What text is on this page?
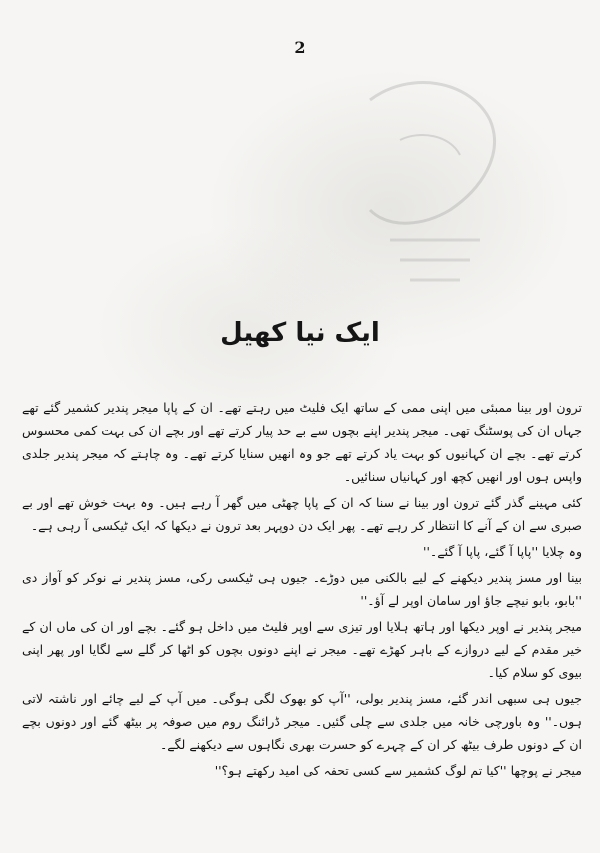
2
ایک نیا کھیل

ترون اور بینا ممبئی میں اپنی ممی کے ساتھ ایک فلیٹ میں رہتے تھے۔ ان کے پاپا میجر پندیر کشمیر گئے تھے جہاں ان کی پوسٹنگ تھی۔ میجر پندیر اپنے بچوں سے بے حد پیار کرتے تھے اور بچے ان کی بہت کمی محسوس کرتے تھے۔ بچے ان کہانیوں کو بہت یاد کرتے تھے جو وہ انھیں سنایا کرتے تھے۔ وہ چاہتے کہ میجر پندیر جلدی واپس ہوں اور انھیں کچھ اور کہانیاں سنائیں۔

کئی مہینے گذر گئے ترون اور بینا نے سنا کہ ان کے پاپا چھٹی میں گھر آ رہے ہیں۔ وہ بہت خوش تھے اور بے صبری سے ان کے آنے کا انتظار کر رہے تھے۔ پھر ایک دن دوپہر بعد ترون نے دیکھا کہ ایک ٹیکسی آ رہی ہے۔

وہ چلایا ''پاپا آ گئے، پاپا آ گئے۔''

بینا اور مسز پندیر دیکھنے کے لیے بالکنی میں دوڑے۔ جیوں ہی ٹیکسی رکی، مسز پندیر نے نوکر کو آواز دی ''بابو، بابو نیچے جاؤ اور سامان اوپر لے آؤ۔''

میجر پندیر نے اوپر دیکھا اور ہاتھ ہلایا اور تیزی سے اوپر فلیٹ میں داخل ہو گئے۔ بچے اور ان کی ماں ان کے خیر مقدم کے لیے دروازے کے باہر کھڑے تھے۔ میجر نے اپنے دونوں بچوں کو اٹھا کر گلے سے لگایا اور پھر اپنی بیوی کو سلام کیا۔

جیوں ہی سبھی اندر گئے، مسز پندیر بولی، ''آپ کو بھوک لگی ہوگی۔ میں آپ کے لیے چائے اور ناشتہ لاتی ہوں۔'' وہ باورچی خانہ میں جلدی سے چلی گئیں۔ میجر ڈرائنگ روم میں صوفہ پر بیٹھ گئے اور دونوں بچے ان کے دونوں طرف بیٹھ کر ان کے چہرے کو حسرت بھری نگاہوں سے دیکھنے لگے۔

میجر نے پوچھا ''کیا تم لوگ کشمیر سے کسی تحفہ کی امید رکھتے ہو؟''
